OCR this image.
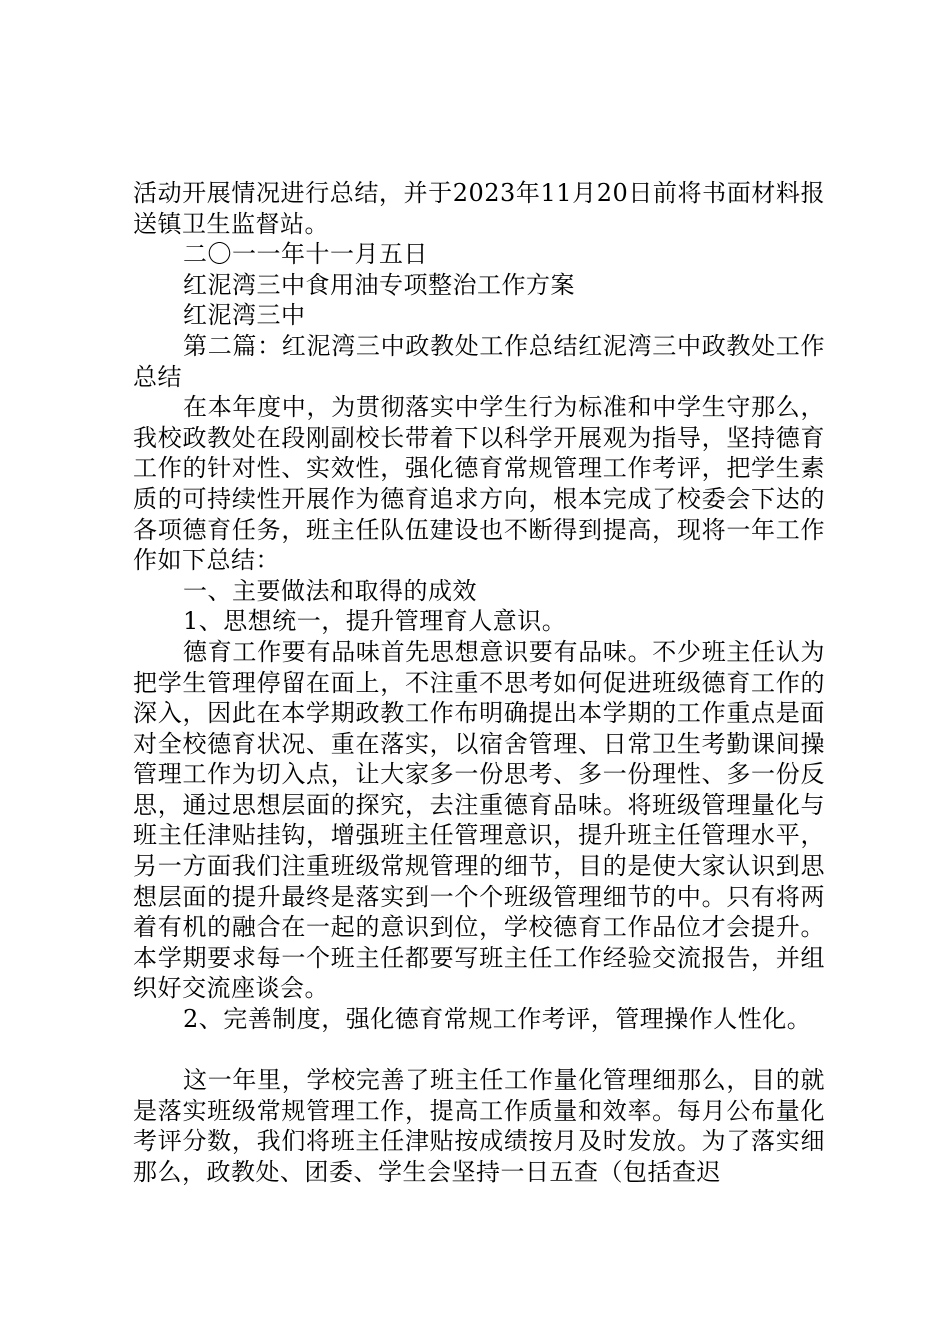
活动开展情况进行总结，并于2023年11月20日前将书面材料报送镇卫生监督站。

二〇一一年十一月五日

红泥湾三中食用油专项整治工作方案

红泥湾三中

第二篇：红泥湾三中政教处工作总结红泥湾三中政教处工作总结

在本年度中，为贯彻落实中学生行为标准和中学生守那么，我校政教处在段刚副校长带着下以科学开展观为指导，坚持德育工作的针对性、实效性，强化德育常规管理工作考评，把学生素质的可持续性开展作为德育追求方向，根本完成了校委会下达的各项德育任务，班主任队伍建设也不断得到提高，现将一年工作作如下总结：

一、主要做法和取得的成效

1、思想统一，提升管理育人意识。

德育工作要有品味首先思想意识要有品味。不少班主任认为把学生管理停留在面上，不注重不思考如何促进班级德育工作的深入，因此在本学期政教工作布明确提出本学期的工作重点是面对全校德育状况、重在落实，以宿舍管理、日常卫生考勤课间操管理工作为切入点，让大家多一份思考、多一份理性、多一份反思，通过思想层面的探究，去注重德育品味。将班级管理量化与班主任津贴挂钩，增强班主任管理意识，提升班主任管理水平，另一方面我们注重班级常规管理的细节，目的是使大家认识到思想层面的提升最终是落实到一个个班级管理细节的中。只有将两着有机的融合在一起的意识到位，学校德育工作品位才会提升。本学期要求每一个班主任都要写班主任工作经验交流报告，并组织好交流座谈会。

2、完善制度，强化德育常规工作考评，管理操作人性化。

这一年里，学校完善了班主任工作量化管理细那么，目的就是落实班级常规管理工作，提高工作质量和效率。每月公布量化考评分数，我们将班主任津贴按成绩按月及时发放。为了落实细那么，政教处、团委、学生会坚持一日五查（包括查迟
